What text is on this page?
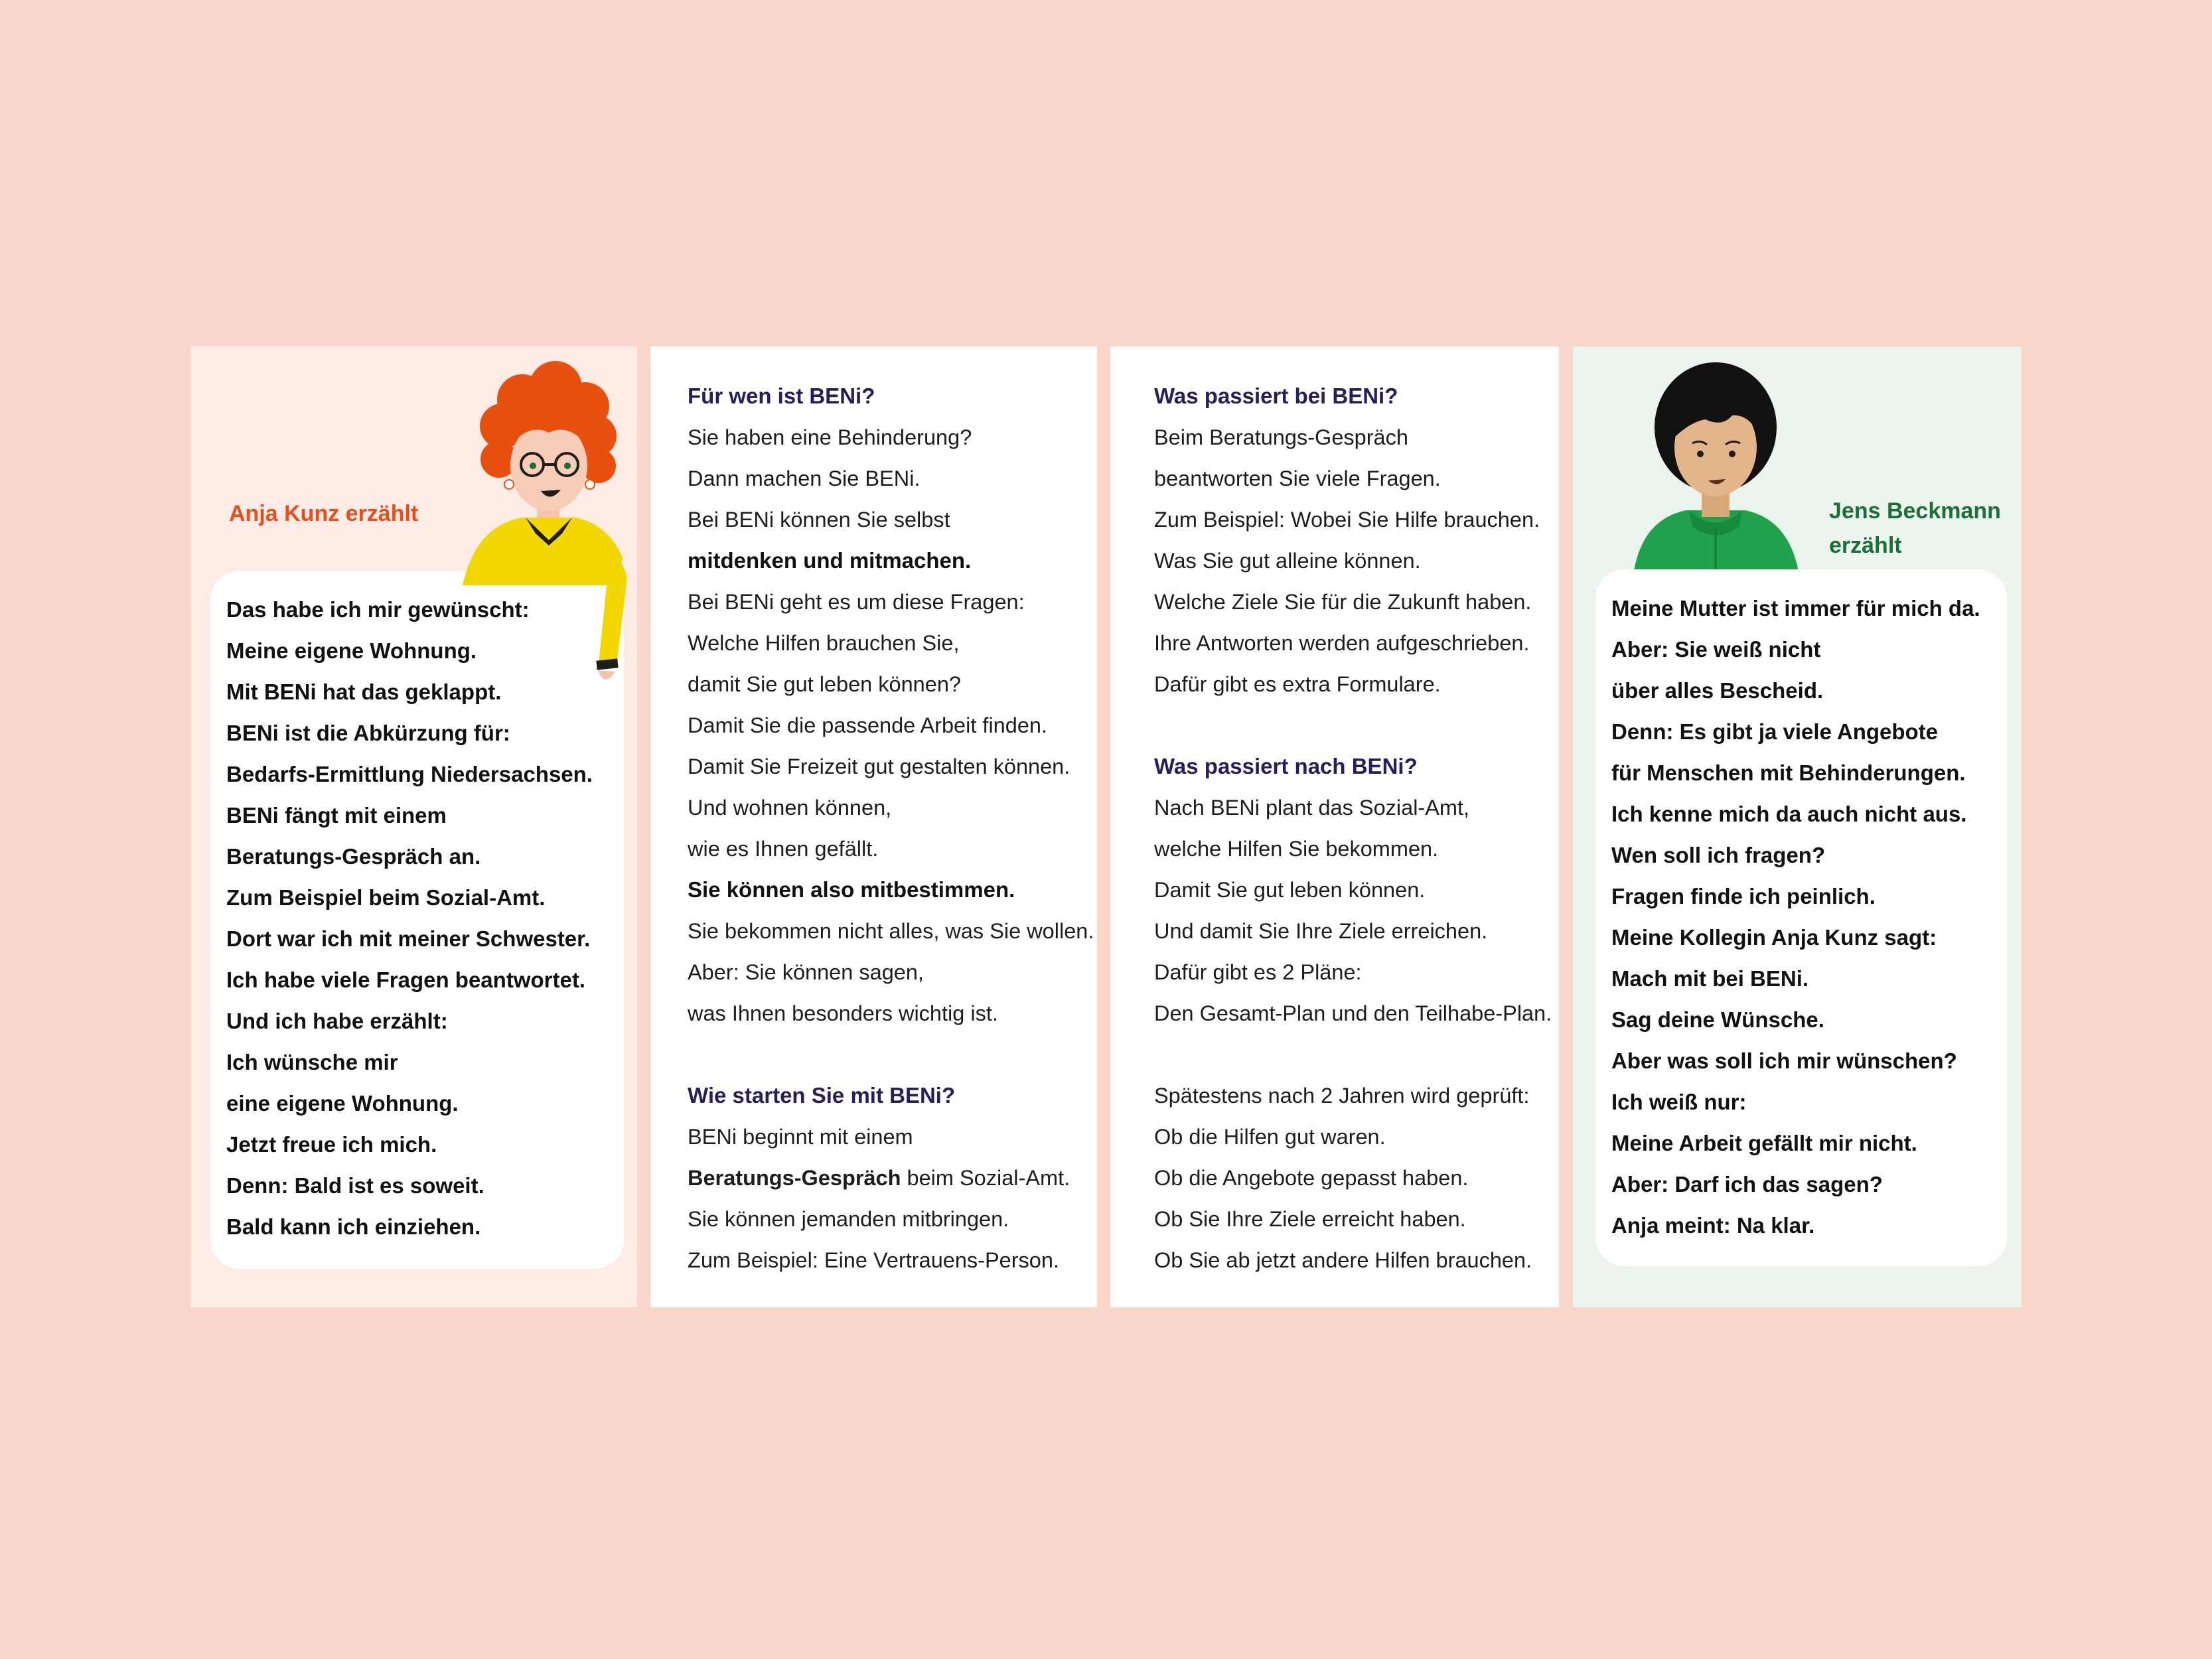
Anja Kunz erzählt
Das habe ich mir gewünscht:
Meine eigene Wohnung.
Mit BENi hat das geklappt.
BENi ist die Abkürzung für:
Bedarfs-Ermittlung Niedersachsen.
BENi fängt mit einem
Beratungs-Gespräch an.
Zum Beispiel beim Sozial-Amt.
Dort war ich mit meiner Schwester.
Ich habe viele Fragen beantwortet.
Und ich habe erzählt:
Ich wünsche mir
eine eigene Wohnung.
Jetzt freue ich mich.
Denn: Bald ist es soweit.
Bald kann ich einziehen.
Für wen ist BENi?
Sie haben eine Behinderung?
Dann machen Sie BENi.
Bei BENi können Sie selbst
mitdenken und mitmachen.
Bei BENi geht es um diese Fragen:
Welche Hilfen brauchen Sie,
damit Sie gut leben können?
Damit Sie die passende Arbeit finden.
Damit Sie Freizeit gut gestalten können.
Und wohnen können,
wie es Ihnen gefällt.
Sie können also mitbestimmen.
Sie bekommen nicht alles, was Sie wollen.
Aber: Sie können sagen,
was Ihnen besonders wichtig ist.
Wie starten Sie mit BENi?
BENi beginnt mit einem
Beratungs-Gespräch beim Sozial-Amt.
Sie können jemanden mitbringen.
Zum Beispiel: Eine Vertrauens-Person.
Was passiert bei BENi?
Beim Beratungs-Gespräch
beantworten Sie viele Fragen.
Zum Beispiel: Wobei Sie Hilfe brauchen.
Was Sie gut alleine können.
Welche Ziele Sie für die Zukunft haben.
Ihre Antworten werden aufgeschrieben.
Dafür gibt es extra Formulare.
Was passiert nach BENi?
Nach BENi plant das Sozial-Amt,
welche Hilfen Sie bekommen.
Damit Sie gut leben können.
Und damit Sie Ihre Ziele erreichen.
Dafür gibt es 2 Pläne:
Den Gesamt-Plan und den Teilhabe-Plan.
Spätestens nach 2 Jahren wird geprüft:
Ob die Hilfen gut waren.
Ob die Angebote gepasst haben.
Ob Sie Ihre Ziele erreicht haben.
Ob Sie ab jetzt andere Hilfen brauchen.
Jens Beckmann erzählt
Meine Mutter ist immer für mich da.
Aber: Sie weiß nicht
über alles Bescheid.
Denn: Es gibt ja viele Angebote
für Menschen mit Behinderungen.
Ich kenne mich da auch nicht aus.
Wen soll ich fragen?
Fragen finde ich peinlich.
Meine Kollegin Anja Kunz sagt:
Mach mit bei BENi.
Sag deine Wünsche.
Aber was soll ich mir wünschen?
Ich weiß nur:
Meine Arbeit gefällt mir nicht.
Aber: Darf ich das sagen?
Anja meint: Na klar.
